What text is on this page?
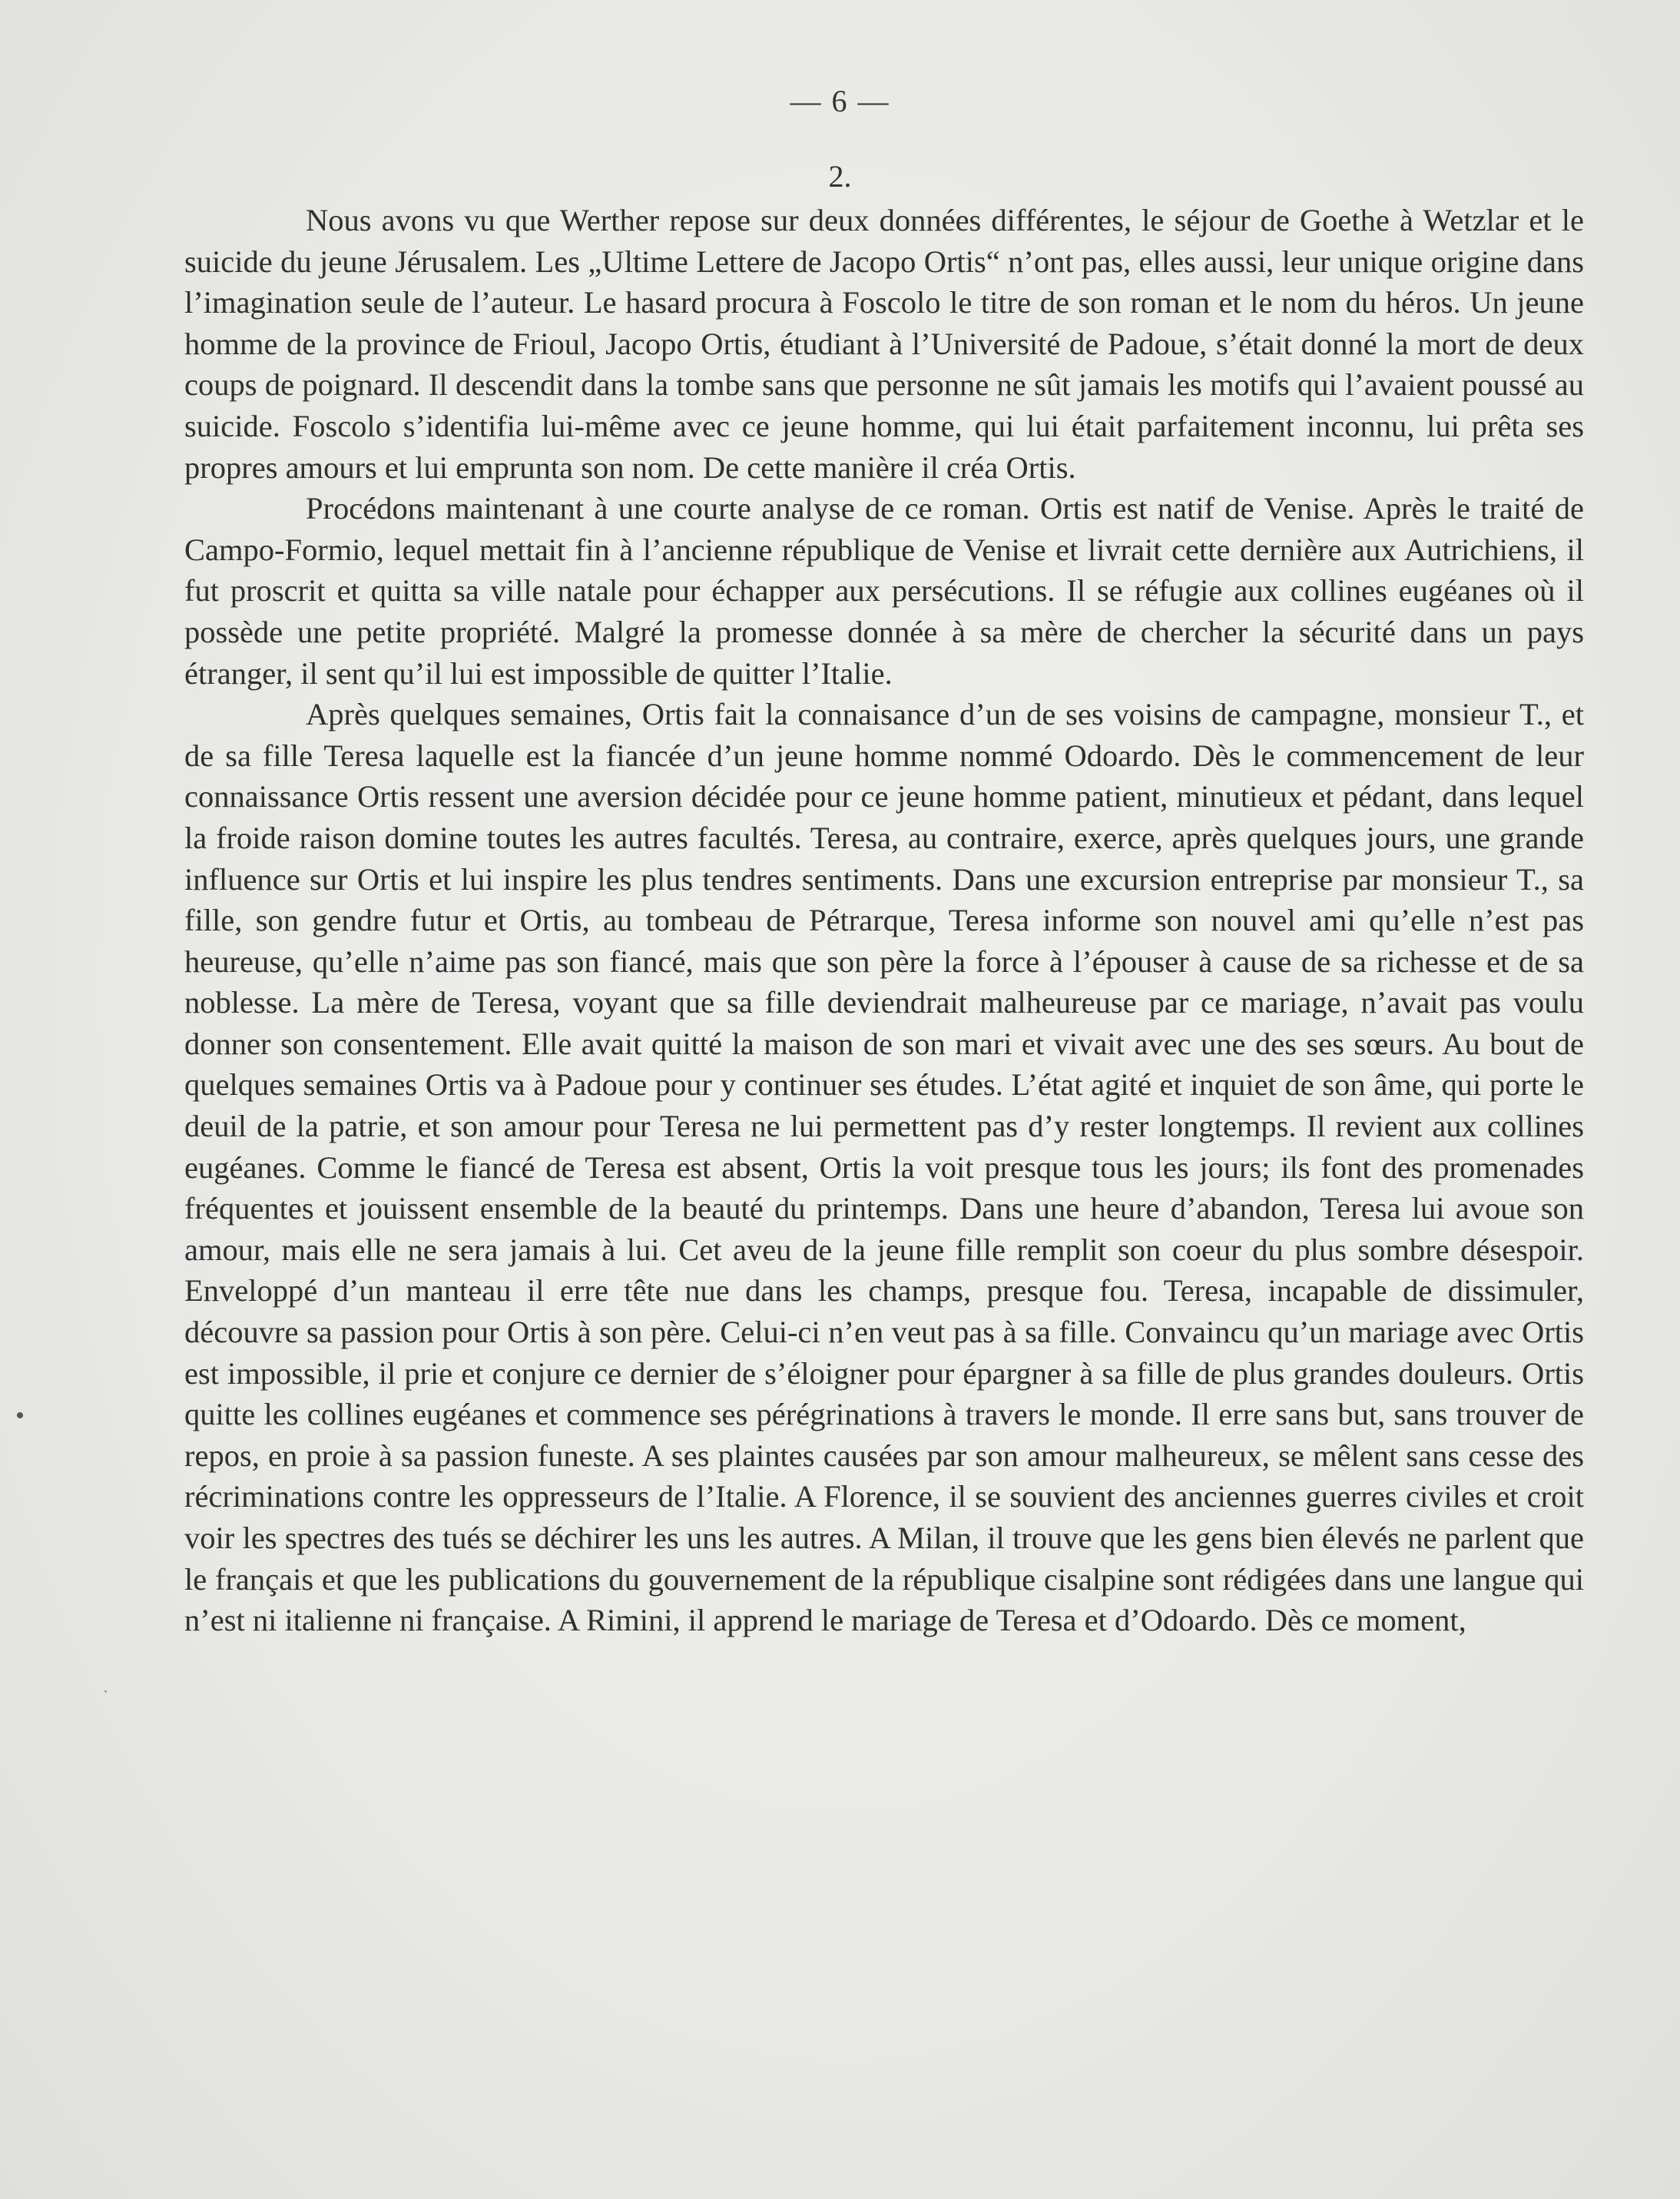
— 6 —
2.

Nous avons vu que Werther repose sur deux données différentes, le séjour de Goethe à Wetzlar et le suicide du jeune Jérusalem. Les „Ultime Lettere de Jacopo Ortis“ n’ont pas, elles aussi, leur unique origine dans l’imagination seule de l’auteur. Le hasard procura à Foscolo le titre de son roman et le nom du héros. Un jeune homme de la province de Frioul, Jacopo Ortis, étudiant à l’Université de Padoue, s’était donné la mort de deux coups de poignard. Il descendit dans la tombe sans que personne ne sût jamais les motifs qui l’avaient poussé au suicide. Foscolo s’identifia lui-même avec ce jeune homme, qui lui était parfaitement inconnu, lui prêta ses propres amours et lui emprunta son nom. De cette manière il créa Ortis.

Procédons maintenant à une courte analyse de ce roman. Ortis est natif de Venise. Après le traité de Campo-Formio, lequel mettait fin à l’ancienne république de Venise et livrait cette dernière aux Autrichiens, il fut proscrit et quitta sa ville natale pour échapper aux persécutions. Il se réfugie aux collines eugéanes où il possède une petite propriété. Malgré la promesse donnée à sa mère de chercher la sécurité dans un pays étranger, il sent qu’il lui est impossible de quitter l’Italie.

Après quelques semaines, Ortis fait la connaisance d’un de ses voisins de campagne, monsieur T., et de sa fille Teresa laquelle est la fiancée d’un jeune homme nommé Odoardo. Dès le commencement de leur connaissance Ortis ressent une aversion décidée pour ce jeune homme patient, minutieux et pédant, dans lequel la froide raison domine toutes les autres facultés. Teresa, au contraire, exerce, après quelques jours, une grande influence sur Ortis et lui inspire les plus tendres sentiments. Dans une excursion entreprise par monsieur T., sa fille, son gendre futur et Ortis, au tombeau de Pétrarque, Teresa informe son nouvel ami qu’elle n’est pas heureuse, qu’elle n’aime pas son fiancé, mais que son père la force à l’épouser à cause de sa richesse et de sa noblesse. La mère de Teresa, voyant que sa fille deviendrait malheureuse par ce mariage, n’avait pas voulu donner son consentement. Elle avait quitté la maison de son mari et vivait avec une des ses sœurs. Au bout de quelques semaines Ortis va à Padoue pour y continuer ses études. L’état agité et inquiet de son âme, qui porte le deuil de la patrie, et son amour pour Teresa ne lui permettent pas d’y rester longtemps. Il revient aux collines eugéanes. Comme le fiancé de Teresa est absent, Ortis la voit presque tous les jours; ils font des promenades fréquentes et jouissent ensemble de la beauté du printemps. Dans une heure d’abandon, Teresa lui avoue son amour, mais elle ne sera jamais à lui. Cet aveu de la jeune fille remplit son coeur du plus sombre désespoir. Enveloppé d’un manteau il erre tête nue dans les champs, presque fou. Teresa, incapable de dissimuler, découvre sa passion pour Ortis à son père. Celui-ci n’en veut pas à sa fille. Convaincu qu’un mariage avec Ortis est impossible, il prie et conjure ce dernier de s’éloigner pour épargner à sa fille de plus grandes douleurs. Ortis quitte les collines eugéanes et commence ses pérégrinations à travers le monde. Il erre sans but, sans trouver de repos, en proie à sa passion funeste. A ses plaintes causées par son amour malheureux, se mêlent sans cesse des récriminations contre les oppresseurs de l’Italie. A Florence, il se souvient des anciennes guerres civiles et croit voir les spectres des tués se déchirer les uns les autres. A Milan, il trouve que les gens bien élevés ne parlent que le français et que les publications du gouvernement de la république cisalpine sont rédigées dans une langue qui n’est ni italienne ni française. A Rimini, il apprend le mariage de Teresa et d’Odoardo. Dès ce moment,
